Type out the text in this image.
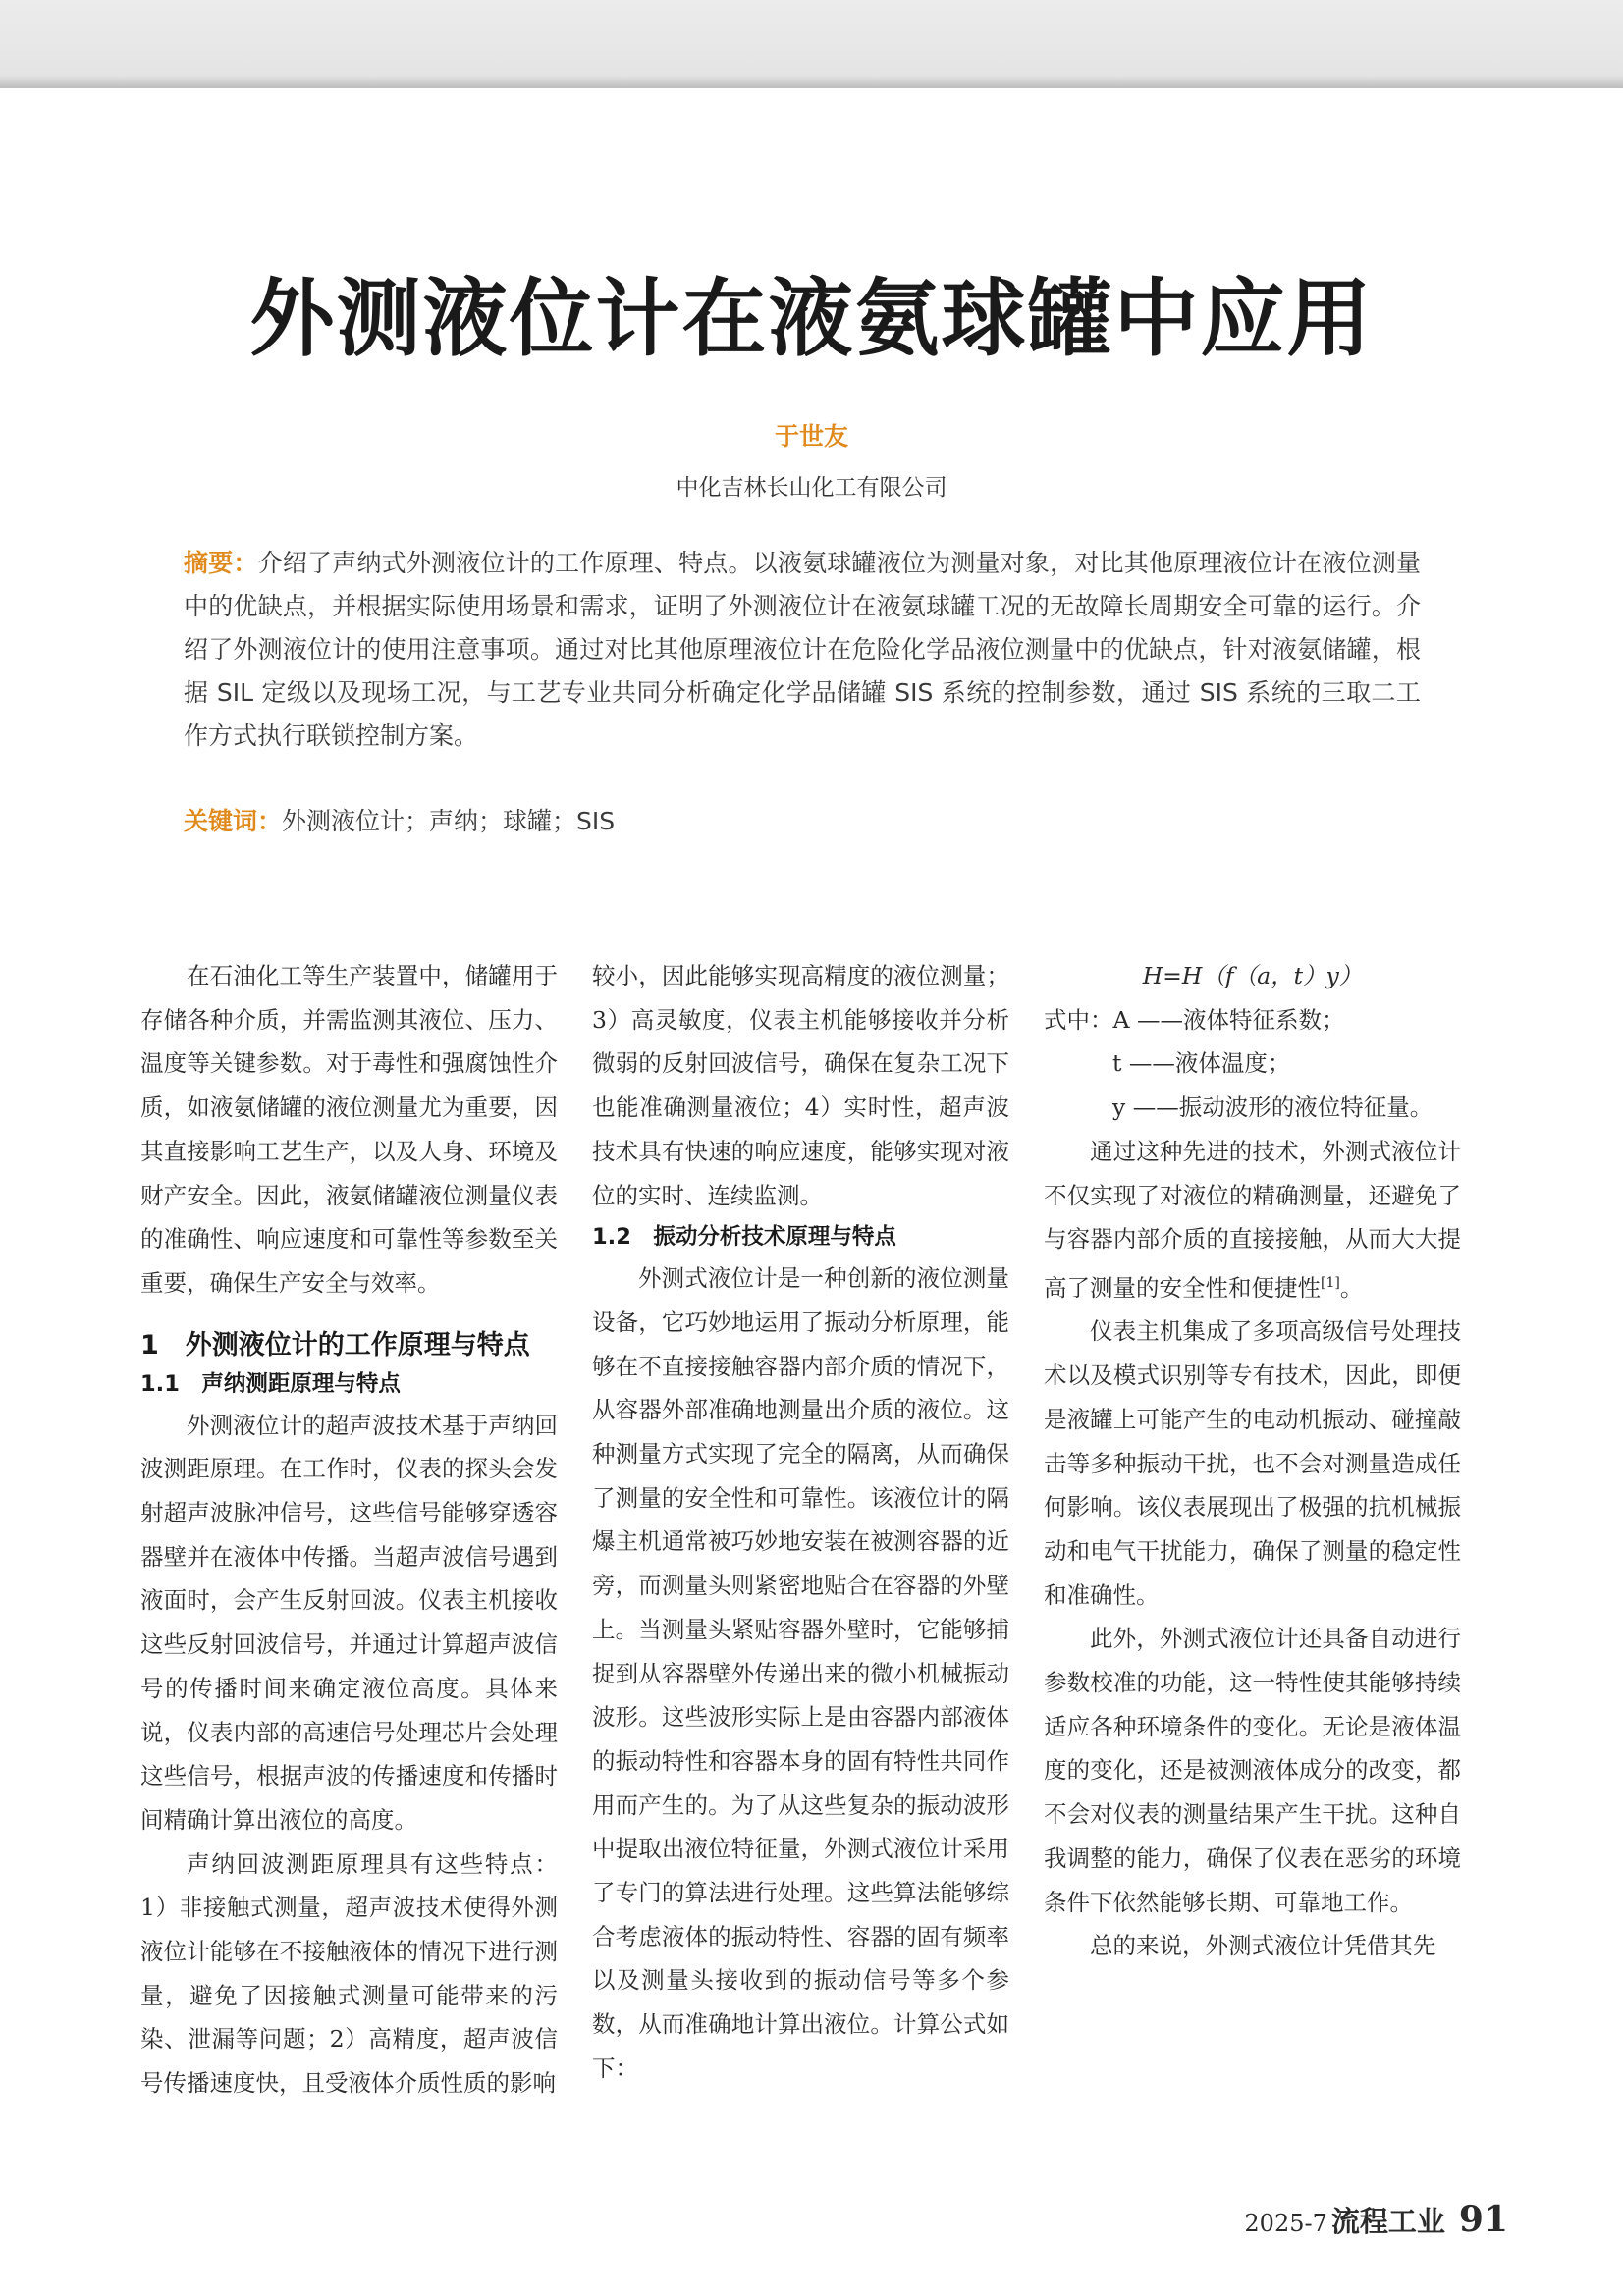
外测液位计在液氨球罐中应用
于世友
中化吉林长山化工有限公司
摘要：介绍了声纳式外测液位计的工作原理、特点。以液氨球罐液位为测量对象，对比其他原理液位计在液位测量中的优缺点，并根据实际使用场景和需求，证明了外测液位计在液氨球罐工况的无故障长周期安全可靠的运行。介绍了外测液位计的使用注意事项。通过对比其他原理液位计在危险化学品液位测量中的优缺点，针对液氨储罐，根据 SIL 定级以及现场工况，与工艺专业共同分析确定化学品储罐 SIS 系统的控制参数，通过 SIS 系统的三取二工作方式执行联锁控制方案。
关键词：外测液位计；声纳；球罐；SIS

在石油化工等生产装置中，储罐用于存储各种介质，并需监测其液位、压力、温度等关键参数。对于毒性和强腐蚀性介质，如液氨储罐的液位测量尤为重要，因其直接影响工艺生产，以及人身、环境及财产安全。因此，液氨储罐液位测量仪表的准确性、响应速度和可靠性等参数至关重要，确保生产安全与效率。

1　外测液位计的工作原理与特点
1.1　声纳测距原理与特点

外测液位计的超声波技术基于声纳回波测距原理。在工作时，仪表的探头会发射超声波脉冲信号，这些信号能够穿透容器壁并在液体中传播。当超声波信号遇到液面时，会产生反射回波。仪表主机接收这些反射回波信号，并通过计算超声波信号的传播时间来确定液位高度。具体来说，仪表内部的高速信号处理芯片会处理这些信号，根据声波的传播速度和传播时间精确计算出液位的高度。

声纳回波测距原理具有这些特点：1）非接触式测量，超声波技术使得外测液位计能够在不接触液体的情况下进行测量，避免了因接触式测量可能带来的污染、泄漏等问题；2）高精度，超声波信号传播速度快，且受液体介质性质的影响

较小，因此能够实现高精度的液位测量；3）高灵敏度，仪表主机能够接收并分析微弱的反射回波信号，确保在复杂工况下也能准确测量液位；4）实时性，超声波技术具有快速的响应速度，能够实现对液位的实时、连续监测。

1.2　振动分析技术原理与特点

外测式液位计是一种创新的液位测量设备，它巧妙地运用了振动分析原理，能够在不直接接触容器内部介质的情况下，从容器外部准确地测量出介质的液位。这种测量方式实现了完全的隔离，从而确保了测量的安全性和可靠性。该液位计的隔爆主机通常被巧妙地安装在被测容器的近旁，而测量头则紧密地贴合在容器的外壁上。当测量头紧贴容器外壁时，它能够捕捉到从容器壁外传递出来的微小机械振动波形。这些波形实际上是由容器内部液体的振动特性和容器本身的固有特性共同作用而产生的。为了从这些复杂的振动波形中提取出液位特征量，外测式液位计采用了专门的算法进行处理。这些算法能够综合考虑液体的振动特性、容器的固有频率以及测量头接收到的振动信号等多个参数，从而准确地计算出液位。计算公式如下：

H=H（f（a，t）y）

式中：A ——液体特征系数；

t ——液体温度；

y ——振动波形的液位特征量。

通过这种先进的技术，外测式液位计不仅实现了对液位的精确测量，还避免了与容器内部介质的直接接触，从而大大提高了测量的安全性和便捷性[1]。

仪表主机集成了多项高级信号处理技术以及模式识别等专有技术，因此，即便是液罐上可能产生的电动机振动、碰撞敲击等多种振动干扰，也不会对测量造成任何影响。该仪表展现出了极强的抗机械振动和电气干扰能力，确保了测量的稳定性和准确性。

此外，外测式液位计还具备自动进行参数校准的功能，这一特性使其能够持续适应各种环境条件的变化。无论是液体温度的变化，还是被测液体成分的改变，都不会对仪表的测量结果产生干扰。这种自我调整的能力，确保了仪表在恶劣的环境条件下依然能够长期、可靠地工作。

总的来说，外测式液位计凭借其先

2025-7 流程工业 91
